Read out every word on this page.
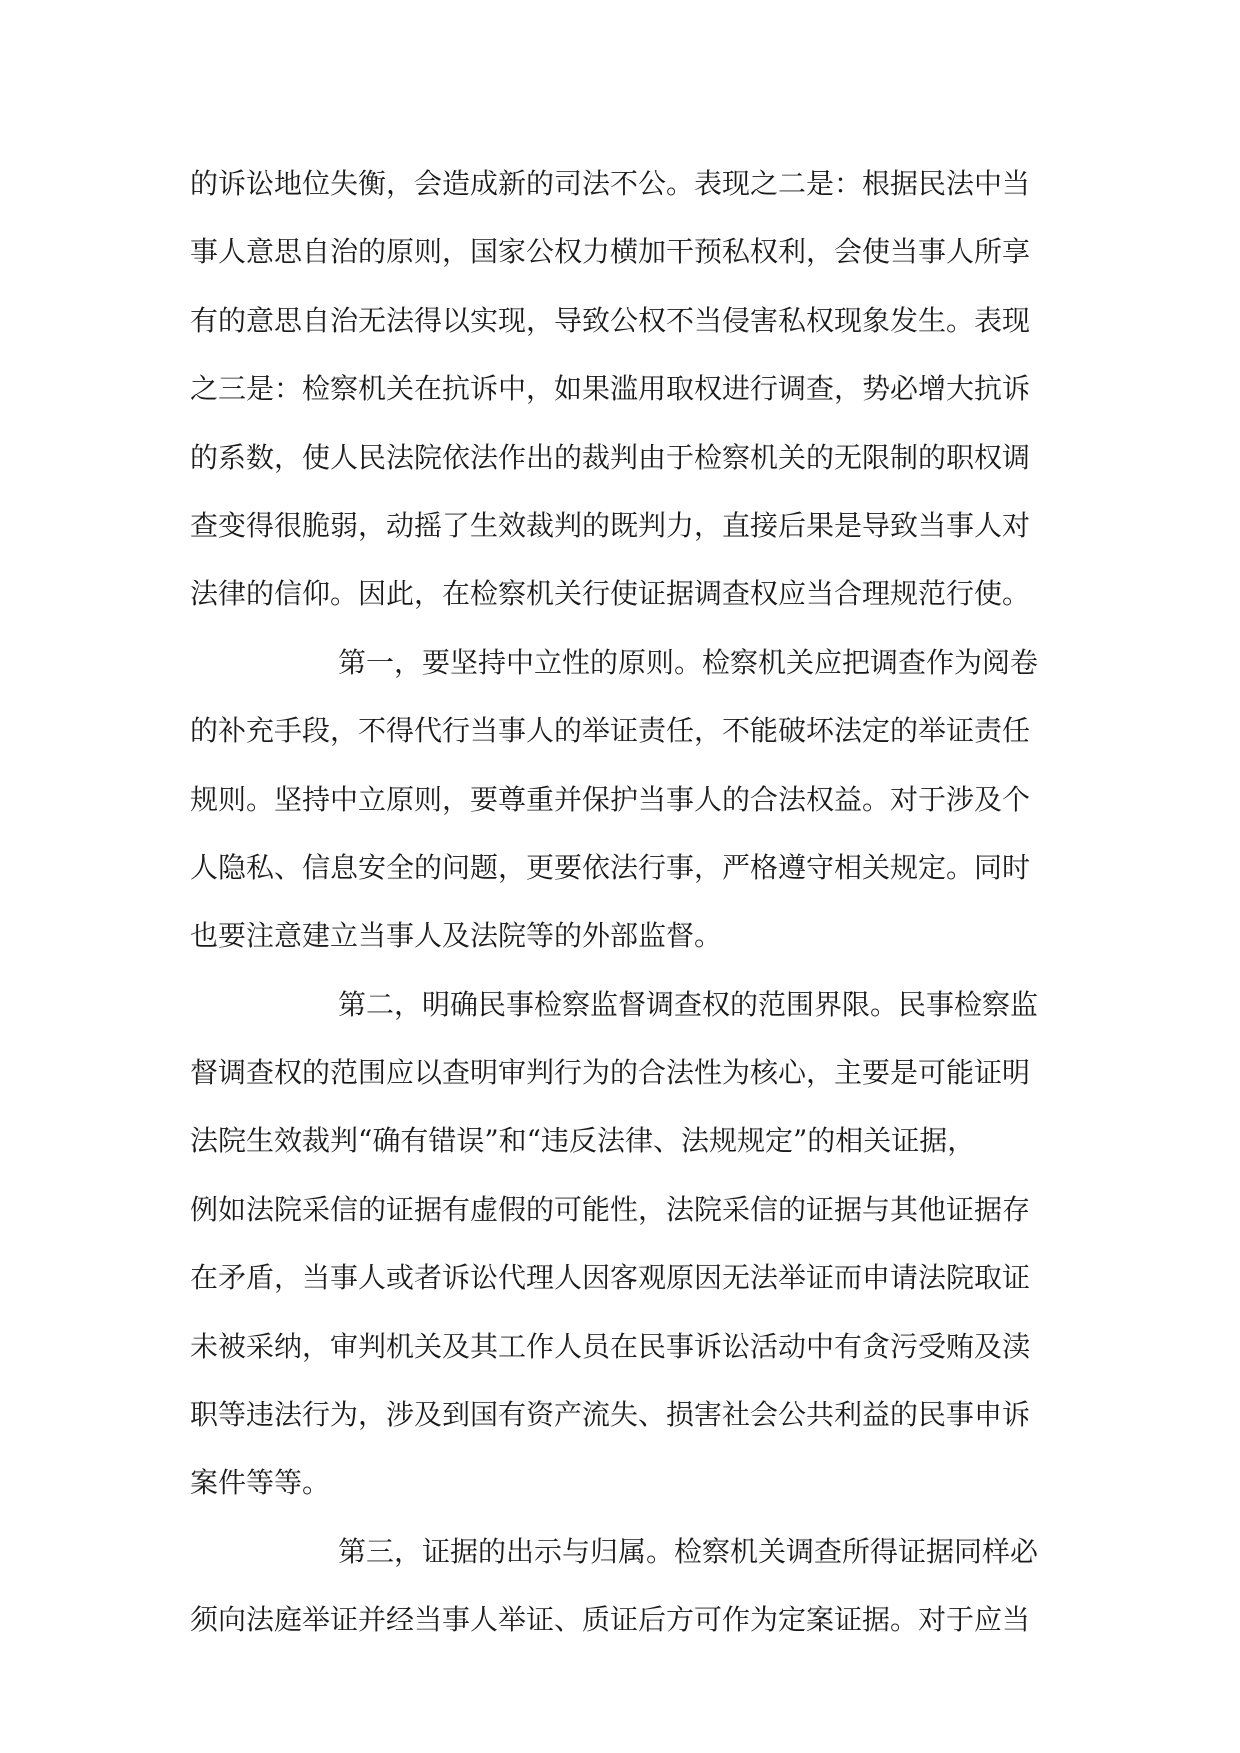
的诉讼地位失衡，会造成新的司法不公。表现之二是：根据民法中当
事人意思自治的原则，国家公权力横加干预私权利，会使当事人所享
有的意思自治无法得以实现，导致公权不当侵害私权现象发生。表现
之三是：检察机关在抗诉中，如果滥用取权进行调查，势必增大抗诉
的系数，使人民法院依法作出的裁判由于检察机关的无限制的职权调
查变得很脆弱，动摇了生效裁判的既判力，直接后果是导致当事人对
法律的信仰。因此，在检察机关行使证据调查权应当合理规范行使。
第一，要坚持中立性的原则。检察机关应把调查作为阅卷
的补充手段，不得代行当事人的举证责任，不能破坏法定的举证责任
规则。坚持中立原则，要尊重并保护当事人的合法权益。对于涉及个
人隐私、信息安全的问题，更要依法行事，严格遵守相关规定。同时
也要注意建立当事人及法院等的外部监督。
第二，明确民事检察监督调查权的范围界限。民事检察监
督调查权的范围应以查明审判行为的合法性为核心，主要是可能证明
法院生效裁判“确有错误”和“违反法律、法规规定”的相关证据，
例如法院采信的证据有虚假的可能性，法院采信的证据与其他证据存
在矛盾，当事人或者诉讼代理人因客观原因无法举证而申请法院取证
未被采纳，审判机关及其工作人员在民事诉讼活动中有贪污受贿及渎
职等违法行为，涉及到国有资产流失、损害社会公共利益的民事申诉
案件等等。
第三，证据的出示与归属。检察机关调查所得证据同样必
须向法庭举证并经当事人举证、质证后方可作为定案证据。对于应当
